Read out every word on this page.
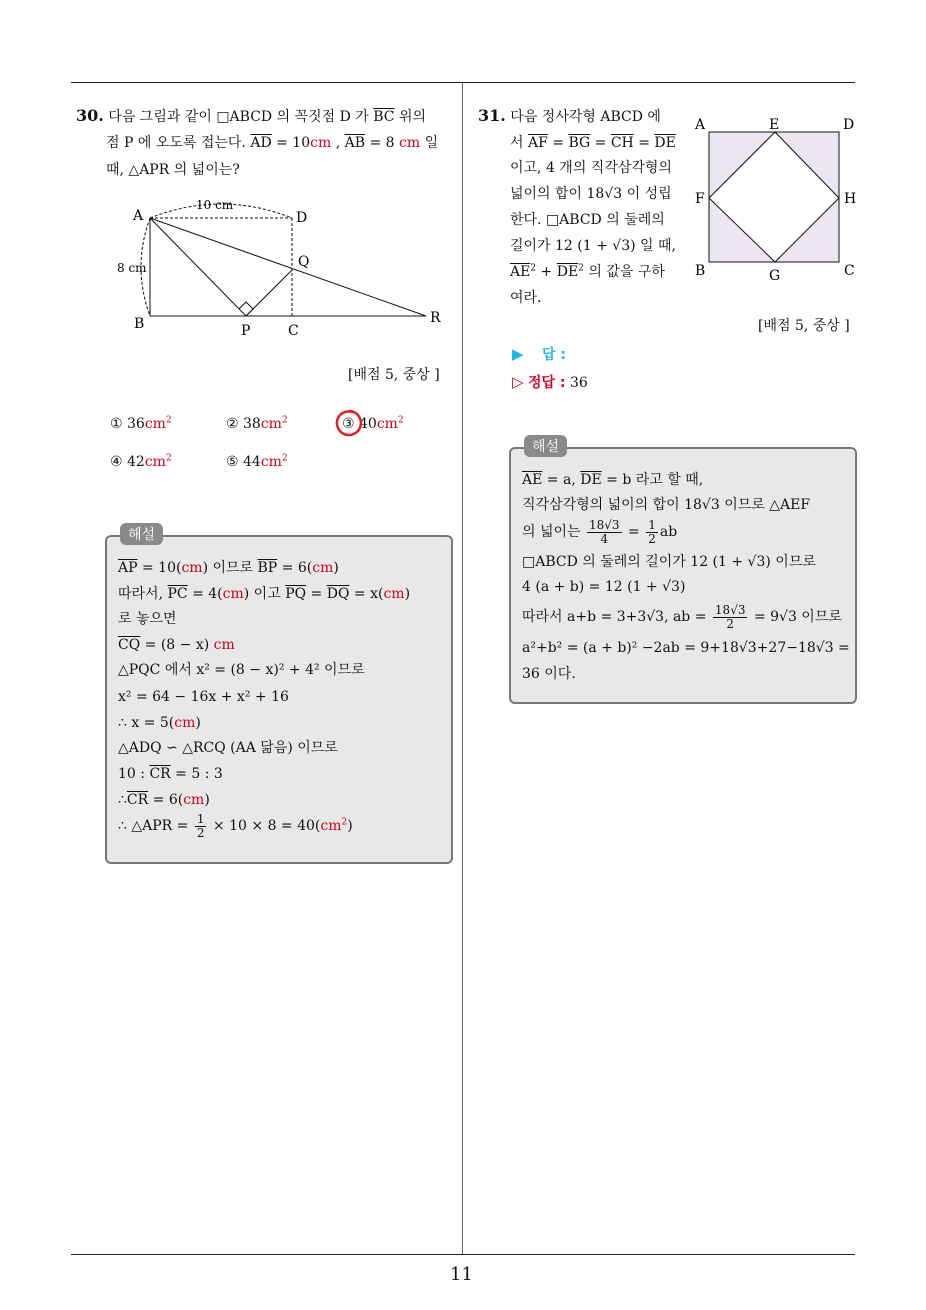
11
30. 다음 그림과 같이 □ABCD 의 꼭짓점 D 가 $\overline{BC}$ 위의
점 P 에 오도록 접는다. $\overline{AD} = 10cm$ , $\overline{AB} = 8$ cm 일
때, △APR 의 넓이는?
A	D
Q
B	P	C
R
10 cm
8 cm
[배점 5, 중상 ]
① $36cm^2$	② $38cm^2$	③ $40cm^2$
④ $42cm^2$	⑤ $44cm^2$
해설
$\overline{AP} = 10(cm)$ 이므로 $\overline{BP} = 6(cm)$
따라서, $\overline{PC} = 4(cm)$ 이고 $\overline{PQ} = \overline{DQ} = x(cm)$
로 놓으면
$\overline{CQ} = (8 - x)$ cm
△PQC 에서 x² = (8 − x)² + 4² 이므로
x² = 64 − 16x + x² + 16
∴ x = 5(cm)
△ADQ ∽ △RCQ (AA 닮음) 이므로
10 : $\overline{CR} = 5$ : 3
$\therefore\overline{CR} = 6(cm)$
∴ △APR = $\frac{1}{2} \times 10 \times 8 = 40(cm^2)$
31. 다음 정사각형 ABCD 에
서 $\overline{AF} = \overline{BG} = \overline{CH} = \overline{DE}$
이고, 4 개의 직각삼각형의
넓이의 합이 18√3 이 성립
한다. □ABCD 의 둘레의
길이가 12 (1 + √3) 일 때,
$\overline{AE}^2 + \overline{DE}^2$ 의 값을 구하
여라.
A	E	D
F	H
B	G	C
[배점 5, 중상 ]
▶ 답 :
▷ 정답 : 36
해설
$\overline{AE} = a$, $\overline{DE} = b$ 라고 할 때,
직각삼각형의 넓이의 합이 18√3 이므로 △AEF
의 넓이는 $\frac{18√3}{4} = \frac{1}{2}$ ab
□ABCD 의 둘레의 길이가 12 (1 + √3) 이므로
4 (a + b) = 12 (1 + √3)
따라서 a+b = 3+3√3, ab = $\frac{18√3}{2} = 9√3$ 이므로
a²+b² = (a + b)² −2ab = 9+18√3+27−18√3 =
36 이다.
